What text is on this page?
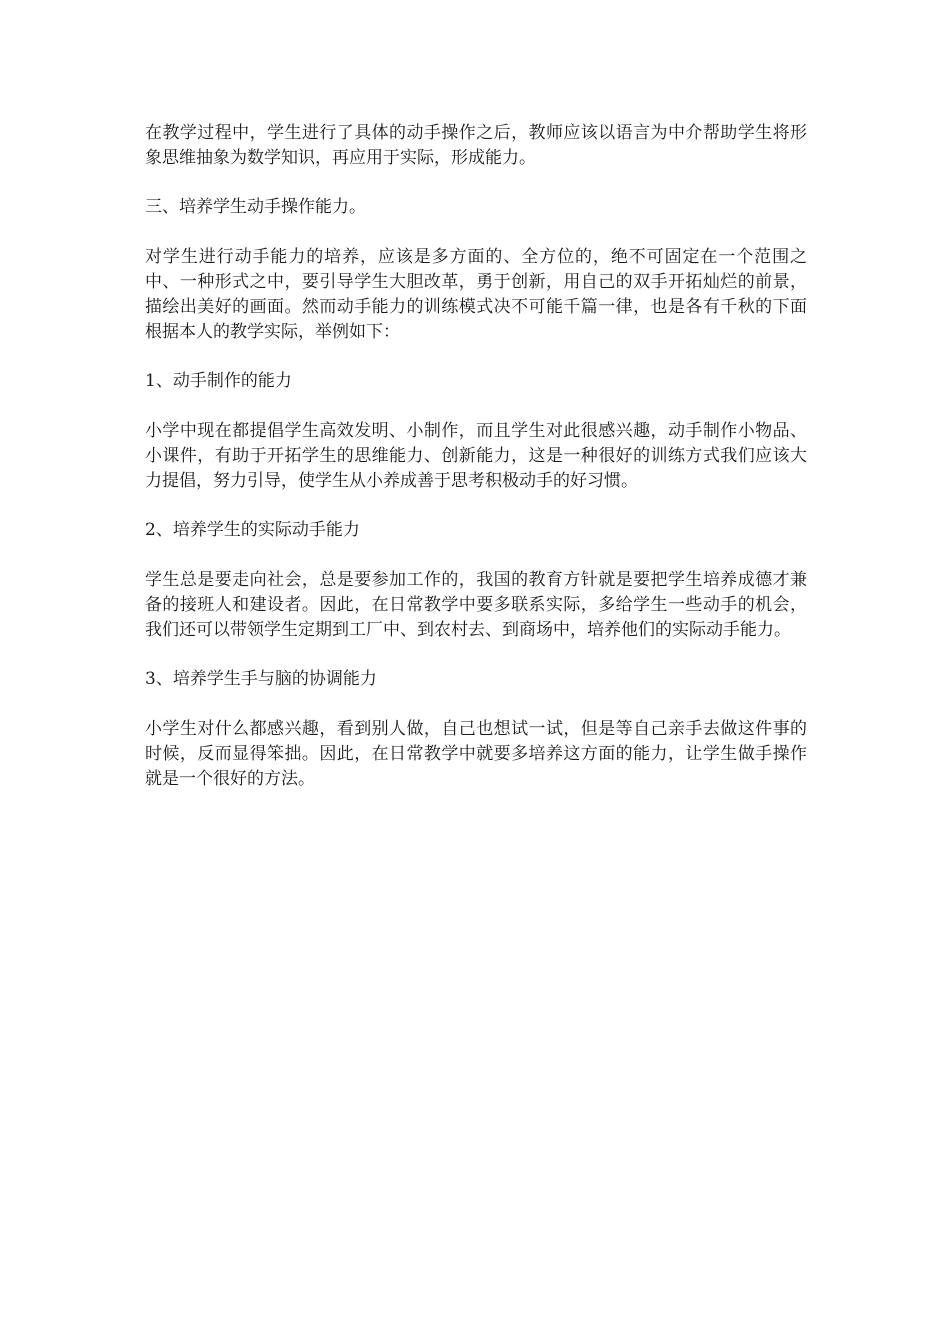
在教学过程中，学生进行了具体的动手操作之后，教师应该以语言为中介帮助学生将形象思维抽象为数学知识，再应用于实际，形成能力。

三、培养学生动手操作能力。

对学生进行动手能力的培养，应该是多方面的、全方位的，绝不可固定在一个范围之中、一种形式之中，要引导学生大胆改革，勇于创新，用自己的双手开拓灿烂的前景，描绘出美好的画面。然而动手能力的训练模式决不可能千篇一律，也是各有千秋的下面根据本人的教学实际，举例如下：

1、动手制作的能力

小学中现在都提倡学生高效发明、小制作，而且学生对此很感兴趣，动手制作小物品、小课件，有助于开拓学生的思维能力、创新能力，这是一种很好的训练方式我们应该大力提倡，努力引导，使学生从小养成善于思考积极动手的好习惯。

2、培养学生的实际动手能力

学生总是要走向社会，总是要参加工作的，我国的教育方针就是要把学生培养成德才兼备的接班人和建设者。因此，在日常教学中要多联系实际，多给学生一些动手的机会，我们还可以带领学生定期到工厂中、到农村去、到商场中，培养他们的实际动手能力。

3、培养学生手与脑的协调能力

小学生对什么都感兴趣，看到别人做，自己也想试一试，但是等自己亲手去做这件事的时候，反而显得笨拙。因此，在日常教学中就要多培养这方面的能力，让学生做手操作就是一个很好的方法。
